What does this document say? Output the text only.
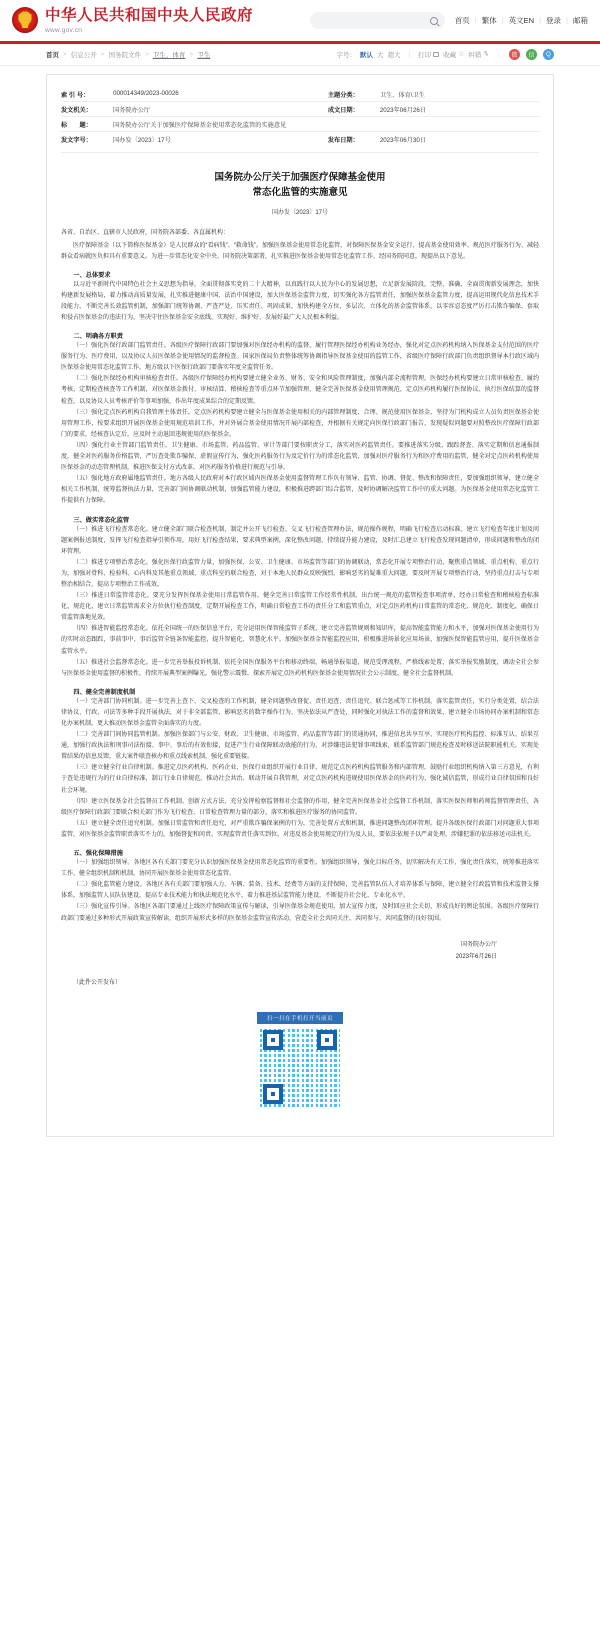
中华人民共和国中央人民政府
www.gov.cn
首页 | 繁体 | 英文EN | 登录 | 邮箱
首页 > 信息公开 > 国务院文件 > 卫生、体育 > 卫生	字号： 默认 大 超大 | 打印 收藏 ☆ 纠错 ✎ |	微	信	Q
索 引 号：	000014349/2023-00026	主题分类：	卫生、体育\卫生
发文机关：	国务院办公厅	成文日期：	2023年06月26日
标　　题：	国务院办公厅关于加强医疗保障基金使用常态化监管的实施意见		
发文字号：	国办发〔2023〕17号	发布日期：	2023年06月30日
国务院办公厅关于加强医疗保障基金使用
常态化监管的实施意见
国办发〔2023〕17号
各省、自治区、直辖市人民政府，国务院各部委、各直属机构：

医疗保障基金（以下简称医保基金）是人民群众的“看病钱”、“救命钱”。加强医保基金使用常态化监管，对保障医保基金安全运行、提高基金使用效率、规范医疗服务行为、减轻群众看病就医负担具有重要意义。为进一步常态化安全中央、国务院决策部署，扎实推进医保基金使用常态化监管工作，经国务院同意，现提出以下意见。

一、总体要求

以习近平新时代中国特色社会主义思想为指导，全面贯彻落实党的二十大精神，以真践行以人民为中心的发展思想，立足新发展阶段，完整、准确、全面贯彻新发展理念，加快构建新发展格局，着力推动高质量发展，扎实推进健康中国、法治中国建设，加大医保基金监管力度，切实强化各方监管责任，加强医保基金监管力度，提高运用现代化信息技术手段能力，不断完善长效监管机制，加强部门统筹协调、严查严处、压实责任、巩固成果，加快构建全方位、多层次、立体化的基金监管体系，以零容忍态度严厉打击欺诈骗保、套取和侵占医保基金的违法行为，坚决守住医保基金安全底线，实现好、维护好、发展好最广大人民根本利益。

二、明确各方职责

（一）强化医保行政部门监管责任。各级医疗保障行政部门要加强对医保经办机构的监督、履行管理医保经办机构业务经办，强化对定点医药机构纳入医保基金支付范围的医疗服务行为、医疗费用，以及协议人员医保基金使用情况的监督检查。国家医保局负责整体统筹协调指导医保基金使用的监管工作，省级医疗保障行政部门负责组织督导本行政区域内医保基金使用常态化监管工作，地方级以下医保行政部门要落实年度全监管任务。

（二）强化医保经办机构审核检查责任。各级医疗保障经办机构要建立健全业务、财务、安全和风险管理制度，加强内部全流程管理，医保经办机构要建立日常审核检查、履约考核、定期检查核查等工作机制，对医保基金拨付、审核结算、稽核检查等重点环节加强管理，健全完善医保基金使用管理规范，定点医药机构履行医保协议、执行医保结算的监督检查，以及协议人员考核评价等事项加强，作出年度成果综合的定期反馈。

（三）强化定点医药机构自我管理主体责任。定点医药机构要建立健全与医保基金使用相关的内部管理制度、合理、规范使用医保基金，坚持为门机构成立人员负责医保基金使用管理工作，按要求组织开展医保基金使用规范培训工作，并对外展合基金使用情况开展内部检查，并根据有关规定向医保行政部门报告，发现疑似问题要对照整改医疗保障行政部门的要求，经核查认定后，应及时主动退回违规使用的医保基金。

（四）强化行业主管部门监管责任。卫生健康、市场监管、药品监管、审计等部门要按职责分工，落实对医药监管责任。要推进落实分级、跟踪督查、落实定期和信息通报制度，健全对医药服务价格监管，严厉查处欺诈骗保、虚假宣传行为，强化医药服务行为及定价行为的常态化监管，加强对医疗服务行为和医疗费用的监管，健全对定点医药机构使用医保基金的动态管理机制，推进医保支付方式改革，对医药服务价格进行规范与引导。

（五）强化地方政府属地监管责任。地方各级人民政府对本行政区域内医保基金使用监督管理工作负有领导、监管、协调、督促、整改和保障责任，要加强组织领导，建立健全相关工作机制，统筹监督执法力量，完善部门间协调联动机制，加强监管能力建设，积极推进跨部门综合监管，及时协调解决监管工作中的重大问题。为医保基金使用常态化监管工作提供有力保障。

三、做实常态化监管

（一）推进飞行检查常态化。建立健全部门联合检查机制，制定并公开飞行检查、交叉飞行检查管理办法，规范操作规程，明确飞行检查启动标准。建立飞行检查年度计划及问题案例报送制度，发挥飞行检查指导引领作用，用好飞行检查结果，要求典型案例，深化整改问题，持续提升能力建设，及时汇总建立飞行检查发现问题清单，形成问题和整改的闭环管理。

（二）推进专项整治常态化。强化医保行政监管力量，加强医保、公安、卫生健康、市场监管等部门的协调联动，常态化开展专项整治行动，聚焦重点领域、重点机构、重点行为，加强对骨科、检验科、心内科及其他重点领域、重点科室的联合检查，对于本地人民群众反映强烈、影响恶劣的疑难重大问题，要及时开展专项整治行动，坚持重点打击与专项整治相结合，提高专项整治工作成效。

（三）推进日常监管常态化。要充分发挥医保基金使用日常监管作用，健全完善日常监管工作经常性机制，出台统一规范的监管检查事项清单，经办日常检查和稽核检查标准化、规范化，建立日常监管需求全方位执行检查制度，定期开展检查工作，明确日常检查工作的责任分工和监管重点，对定点医药机构日常监管的常态化、规范化、制度化，确保日常监管落地见效。

（四）推进智能监控常态化。依托全国统一的医保信息平台，充分运用医保智能监管子系统，建立完善监管规则和知识库，提高智能监管能力和水平，加强对医保基金使用行为的实时动态跟踪，事前事中、事后监管全链条智能监控，提升智能化、智慧化水平。加强医保基金智能监控应用，积极推进场景化应用场景，加强医保智能监管应用，提升医保基金监管水平。

（五）推进社会监督常态化。进一步完善举报投诉机制，依托全国医保服务平台和移动终端，畅通举报渠道，规范受理流程，严格线索处置，落实举报奖励制度，调动全社会参与医保基金使用监督的积极性，持续开展典型案例曝光，强化警示震慑，探索开展定点医药机构医保基金使用情况社会公示制度，健全社会监督机制。

四、健全完善制度机制

（一）完善部门协同机制。进一步完善上查下、交叉检查的工作机制，健全问题整改督促、责任追查、责任追究、联合惩戒等工作机制。落实监管责任，实行分类处置，结合法律协议、行政、司法等多种手段开展执法，对于非全部监管、影响恶劣的数字操作行为，坚决依法从严查处，同时强化对执法工作的监督和效果，建立健全市场协同办案机制和常态化办案机制，更大推动医保基金监管全面落实的力度。

（二）完善部门间协同监管机制。加强医保部门与公安、财政、卫生健康、市场监管、药品监管等部门的贯通协同，推进信息共享互享，实现医疗机构监控、标准互认、结果互通，加强行政执法和刑事司法衔接、事中、事后的有效衔接，促进产生行业保障联动效能的行为，对涉嫌违法犯罪事项线索，联系监管部门规范检查及时移送法院职能机关，实现处置结果的信息反馈，重大案件联查核办和重点线索机制，强化重要链接。

（三）建立健全行业自律机制。推进定点医药机构、医药企业、医保行业组织开展行业自律，规范定点医药机构监管服务和内部管理，鼓励行业组织机构纳入第三方意见，有利于查处违规行为的行业自律标准，制订行业自律规范，推动社会共治、联动开展自我管理，对定点医药机构违规使用医保基金的医药行为，强化诚信监管，形成行业自律氛围和良好社会环境。

（四）建立医保基金社会监督员工作机制。创新方式方法，充分发挥检察监督和社会监督的作用，健全完善医保基金社会监督工作机制，落实医保医师和药师监督管理责任，各级医疗保障行政部门要联合相关部门作为飞行检查、日常检查管理力量的部分，落实和推进医疗服务的协同监管。

（五）建立健全责任追究机制。加强日常监管和责任追究，对严重欺诈骗保案例的行为，完善处置方式和机制，推进问题整改闭环管理。提升各级医保行政部门对问题重大事项监管，对医保基金监管职责落实不力的，加强督促和问责，实现监管责任落实到位。对违反基金使用规定的行为及人员，要依法依规予以严肃处理，涉嫌犯罪的依法移送司法机关。

五、强化保障措施

（一）加强组织领导。各地区各有关部门要充分认识加强医保基金使用常态化监管的重要性，加强组织领导，强化目标任务，切实解决有关工作，强化责任落实，统筹推进落实工作，健全组织机制和机制，协同开展医保基金使用常态化监管。

（二）强化监管能力建设。各地区各有关部门要加强人力、车辆、装备、技术、经费等方面的支持保障，完善监管队伍人才培养体系与保障，建立健全行政监管和技术监督支撑体系，加强监管人员队伍建设，提高专业技术能力和执法规范化水平，着力推进基层监管能力建设，不断提升社会化、专业化水平。

（三）强化宣传引导。各地区各部门要通过上线医疗保障政策宣传与解读，引导医保基金规范使用，加大宣传力度，及时回应社会关切，形成良好的舆论氛围。各级医疗保障行政部门要通过多种形式开展政策宣传解读，组织开展形式多样的医保基金监管宣传活动，营造全社会共同关注、共同参与、共同监督的良好氛围。

国务院办公厅
2023年6月26日
（此件公开发布）
扫一扫在手机打开当前页
